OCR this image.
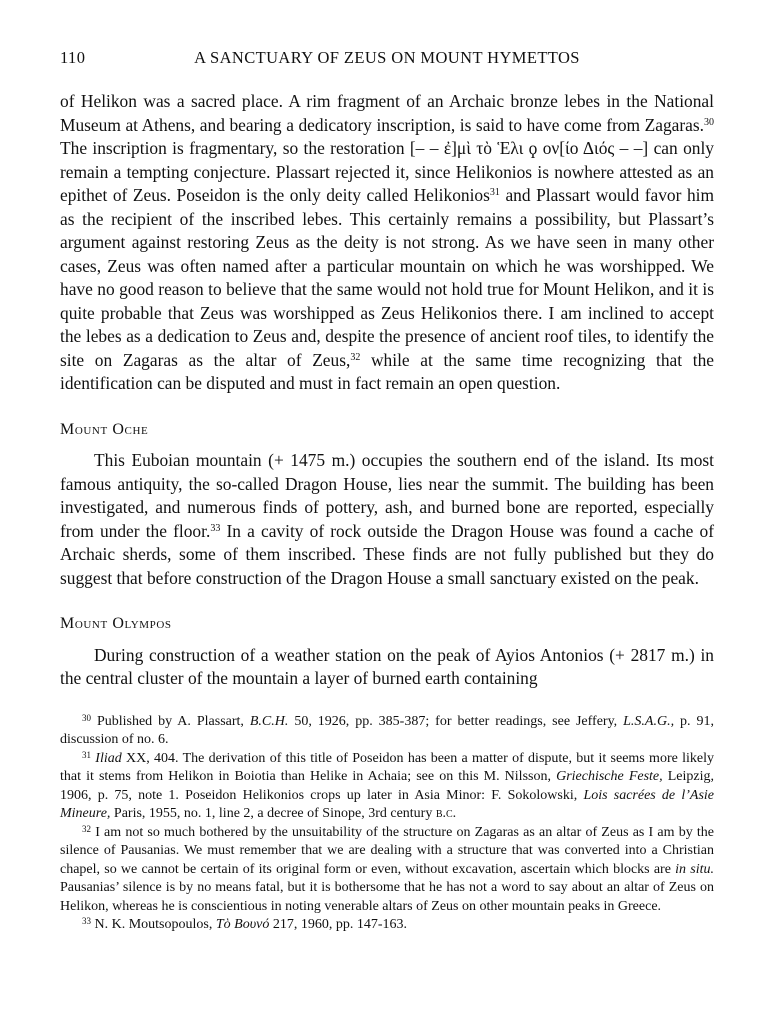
110	A SANCTUARY OF ZEUS ON MOUNT HYMETTOS

of Helikon was a sacred place. A rim fragment of an Archaic bronze lebes in the National Museum at Athens, and bearing a dedicatory inscription, is said to have come from Zagaras.$^{30}$ The inscription is fragmentary, so the restoration [– – ἐ]μὶ τὸ Ἑλι ϙ ον[ίο Διός – –] can only remain a tempting conjecture. Plassart rejected it, since Helikonios is nowhere attested as an epithet of Zeus. Poseidon is the only deity called Helikonios$^{31}$ and Plassart would favor him as the recipient of the inscribed lebes. This certainly remains a possibility, but Plassart’s argument against restoring Zeus as the deity is not strong. As we have seen in many other cases, Zeus was often named after a particular mountain on which he was worshipped. We have no good reason to believe that the same would not hold true for Mount Helikon, and it is quite probable that Zeus was worshipped as Zeus Helikonios there. I am inclined to accept the lebes as a dedication to Zeus and, despite the presence of ancient roof tiles, to identify the site on Zagaras as the altar of Zeus,$^{32}$ while at the same time recognizing that the identification can be disputed and must in fact remain an open question.

Mount Oche

This Euboian mountain (+ 1475 m.) occupies the southern end of the island. Its most famous antiquity, the so-called Dragon House, lies near the summit. The building has been investigated, and numerous finds of pottery, ash, and burned bone are reported, especially from under the floor.$^{33}$ In a cavity of rock outside the Dragon House was found a cache of Archaic sherds, some of them inscribed. These finds are not fully published but they do suggest that before construction of the Dragon House a small sanctuary existed on the peak.

Mount Olympos

During construction of a weather station on the peak of Ayios Antonios (+ 2817 m.) in the central cluster of the mountain a layer of burned earth containing

$^{30}$ Published by A. Plassart, B.C.H. 50, 1926, pp. 385-387; for better readings, see Jeffery, L.S.A.G., p. 91, discussion of no. 6.

$^{31}$ Iliad XX, 404. The derivation of this title of Poseidon has been a matter of dispute, but it seems more likely that it stems from Helikon in Boiotia than Helike in Achaia; see on this M. Nilsson, Griechische Feste, Leipzig, 1906, p. 75, note 1. Poseidon Helikonios crops up later in Asia Minor: F. Sokolowski, Lois sacrées de l’Asie Mineure, Paris, 1955, no. 1, line 2, a decree of Sinope, 3rd century b.c.

$^{32}$ I am not so much bothered by the unsuitability of the structure on Zagaras as an altar of Zeus as I am by the silence of Pausanias. We must remember that we are dealing with a structure that was converted into a Christian chapel, so we cannot be certain of its original form or even, without excavation, ascertain which blocks are in situ. Pausanias’ silence is by no means fatal, but it is bothersome that he has not a word to say about an altar of Zeus on Helikon, whereas he is conscientious in noting venerable altars of Zeus on other mountain peaks in Greece.

$^{33}$ N. K. Moutsopoulos, Τὸ Βουνό 217, 1960, pp. 147-163.
